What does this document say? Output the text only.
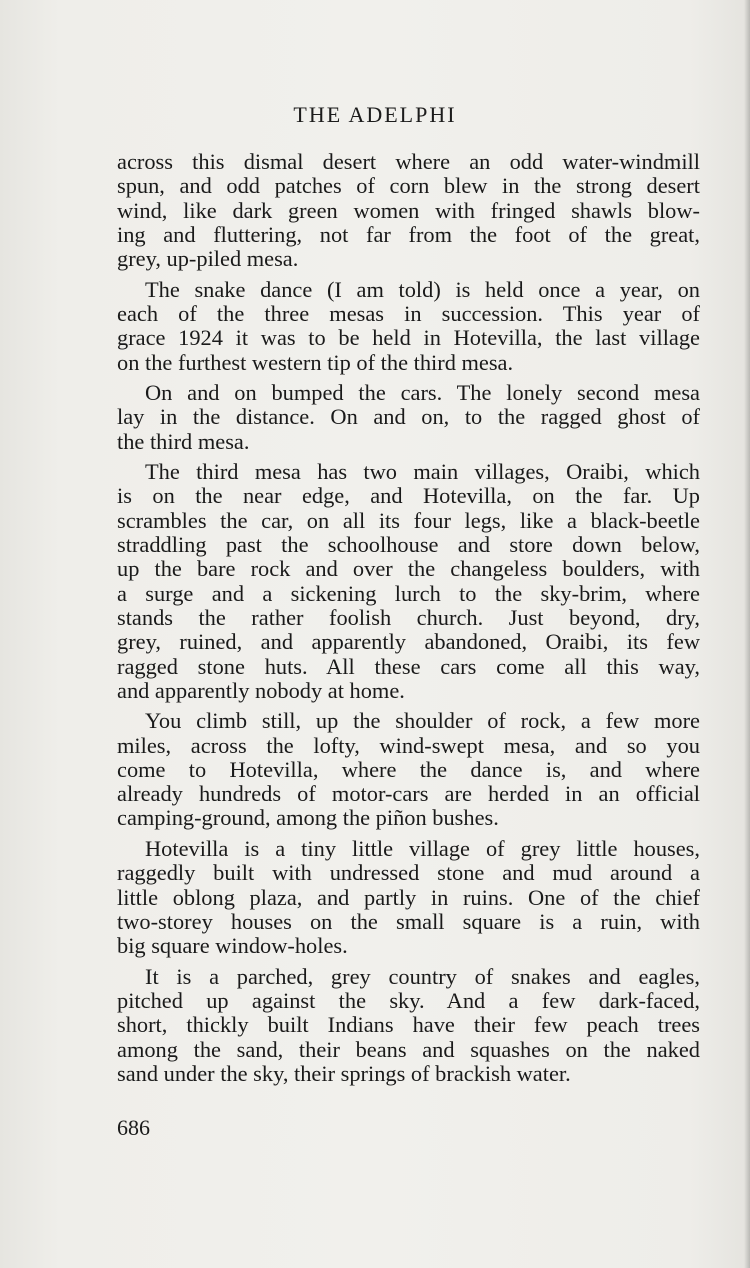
THE ADELPHI
across this dismal desert where an odd water-windmill
spun, and odd patches of corn blew in the strong desert
wind, like dark green women with fringed shawls blow-
ing and fluttering, not far from the foot of the great,
grey, up-piled mesa.
The snake dance (I am told) is held once a year, on
each of the three mesas in succession. This year of
grace 1924 it was to be held in Hotevilla, the last village
on the furthest western tip of the third mesa.
On and on bumped the cars. The lonely second mesa
lay in the distance. On and on, to the ragged ghost of
the third mesa.
The third mesa has two main villages, Oraibi, which
is on the near edge, and Hotevilla, on the far. Up
scrambles the car, on all its four legs, like a black-beetle
straddling past the schoolhouse and store down below,
up the bare rock and over the changeless boulders, with
a surge and a sickening lurch to the sky-brim, where
stands the rather foolish church. Just beyond, dry,
grey, ruined, and apparently abandoned, Oraibi, its few
ragged stone huts. All these cars come all this way,
and apparently nobody at home.
You climb still, up the shoulder of rock, a few more
miles, across the lofty, wind-swept mesa, and so you
come to Hotevilla, where the dance is, and where
already hundreds of motor-cars are herded in an official
camping-ground, among the piñon bushes.
Hotevilla is a tiny little village of grey little houses,
raggedly built with undressed stone and mud around a
little oblong plaza, and partly in ruins. One of the chief
two-storey houses on the small square is a ruin, with
big square window-holes.
It is a parched, grey country of snakes and eagles,
pitched up against the sky. And a few dark-faced,
short, thickly built Indians have their few peach trees
among the sand, their beans and squashes on the naked
sand under the sky, their springs of brackish water.
686
